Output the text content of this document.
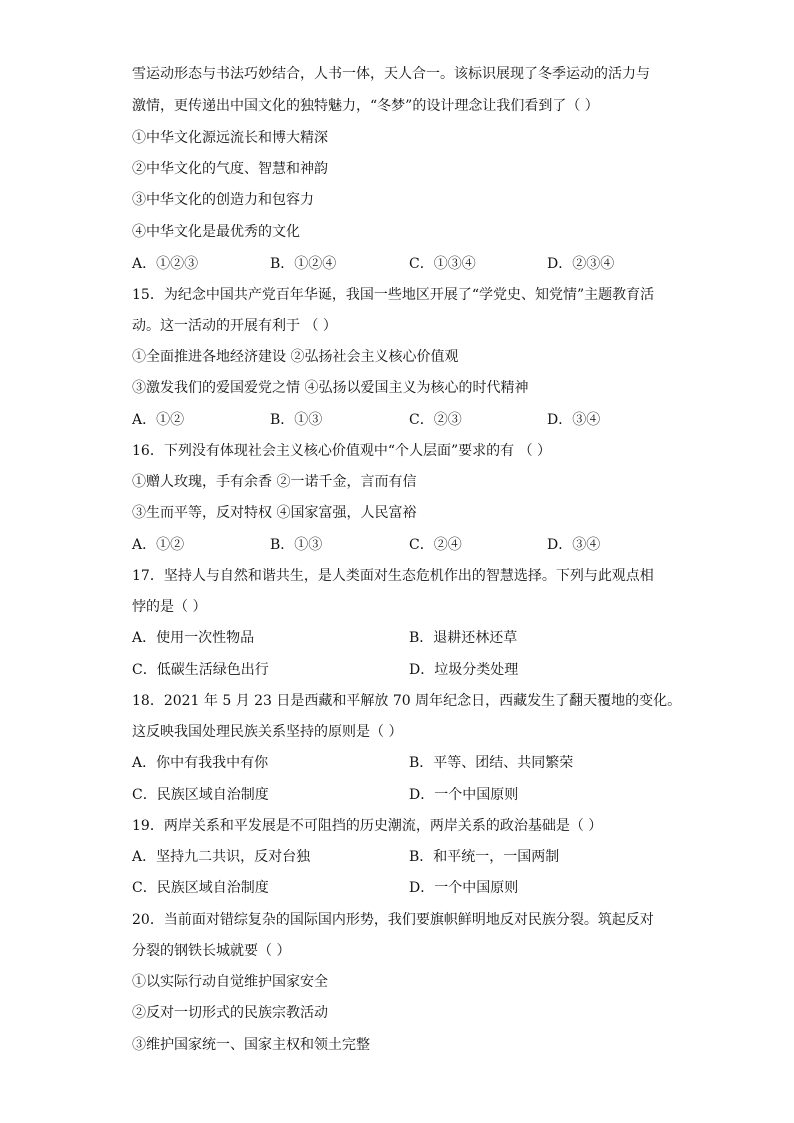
雪运动形态与书法巧妙结合，人书一体，天人合一。该标识展现了冬季运动的活力与
激情，更传递出中国文化的独特魅力，“冬梦”的设计理念让我们看到了（ ）
①中华文化源远流长和博大精深
②中华文化的气度、智慧和神韵
③中华文化的创造力和包容力
④中华文化是最优秀的文化
A．①②③	B．①②④	C．①③④	D．②③④
15．为纪念中国共产党百年华诞，我国一些地区开展了“学党史、知党情”主题教育活
动。这一活动的开展有利于 （ ）
①全面推进各地经济建设 ②弘扬社会主义核心价值观
③激发我们的爱国爱党之情 ④弘扬以爱国主义为核心的时代精神
A．①②	B．①③	C．②③	D．③④
16．下列没有体现社会主义核心价值观中“个人层面”要求的有 （ ）
①赠人玫瑰，手有余香 ②一诺千金，言而有信
③生而平等，反对特权 ④国家富强，人民富裕
A．①②	B．①③	C．②④	D．③④
17．坚持人与自然和谐共生，是人类面对生态危机作出的智慧选择。下列与此观点相
悖的是（ ）
A．使用一次性物品	B．退耕还林还草
C．低碳生活绿色出行	D．垃圾分类处理
18．2021 年 5 月 23 日是西藏和平解放 70 周年纪念日，西藏发生了翻天覆地的变化。
这反映我国处理民族关系坚持的原则是（ ）
A．你中有我我中有你	B．平等、团结、共同繁荣
C．民族区域自治制度	D．一个中国原则
19．两岸关系和平发展是不可阻挡的历史潮流，两岸关系的政治基础是（ ）
A．坚持九二共识，反对台独	B．和平统一，一国两制
C．民族区域自治制度	D．一个中国原则
20．当前面对错综复杂的国际国内形势，我们要旗帜鲜明地反对民族分裂。筑起反对
分裂的钢铁长城就要（ ）
①以实际行动自觉维护国家安全
②反对一切形式的民族宗教活动
③维护国家统一、国家主权和领土完整
